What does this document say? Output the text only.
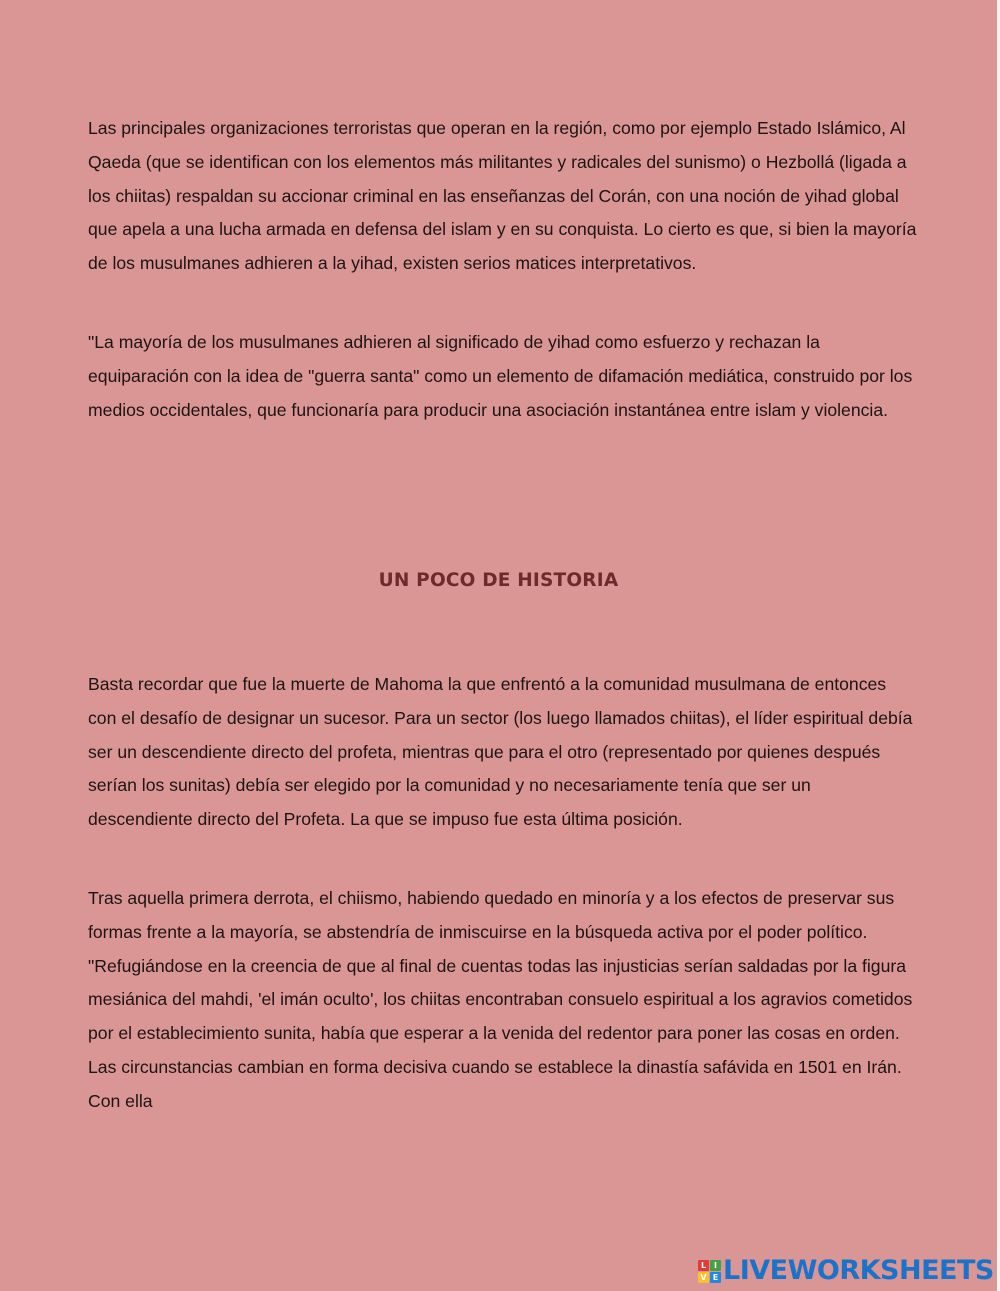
Las principales organizaciones terroristas que operan en la región, como por ejemplo Estado Islámico, Al Qaeda (que se identifican con los elementos más militantes y radicales del sunismo) o Hezbollá (ligada a los chiitas) respaldan su accionar criminal en las enseñanzas del Corán, con una noción de yihad global que apela a una lucha armada en defensa del islam y en su conquista. Lo cierto es que, si bien la mayoría de los musulmanes adhieren a la yihad, existen serios matices interpretativos.

"La mayoría de los musulmanes adhieren al significado de yihad como esfuerzo y rechazan la equiparación con la idea de "guerra santa" como un elemento de difamación mediática, construido por los medios occidentales, que funcionaría para producir una asociación instantánea entre islam y violencia.

UN POCO DE HISTORIA

Basta recordar que fue la muerte de Mahoma la que enfrentó a la comunidad musulmana de entonces con el desafío de designar un sucesor. Para un sector (los luego llamados chiitas), el líder espiritual debía ser un descendiente directo del profeta, mientras que para el otro (representado por quienes después serían los sunitas) debía ser elegido por la comunidad y no necesariamente tenía que ser un descendiente directo del Profeta. La que se impuso fue esta última posición.

Tras aquella primera derrota, el chiismo, habiendo quedado en minoría y a los efectos de preservar sus formas frente a la mayoría, se abstendría de inmiscuirse en la búsqueda activa por el poder político. "Refugiándose en la creencia de que al final de cuentas todas las injusticias serían saldadas por la figura mesiánica del mahdi, 'el imán oculto', los chiitas encontraban consuelo espiritual a los agravios cometidos por el establecimiento sunita, había que esperar a la venida del redentor para poner las cosas en orden. Las circunstancias cambian en forma decisiva cuando se establece la dinastía safávida en 1501 en Irán. Con ella

L I
V E LIVEWORKSHEETS
